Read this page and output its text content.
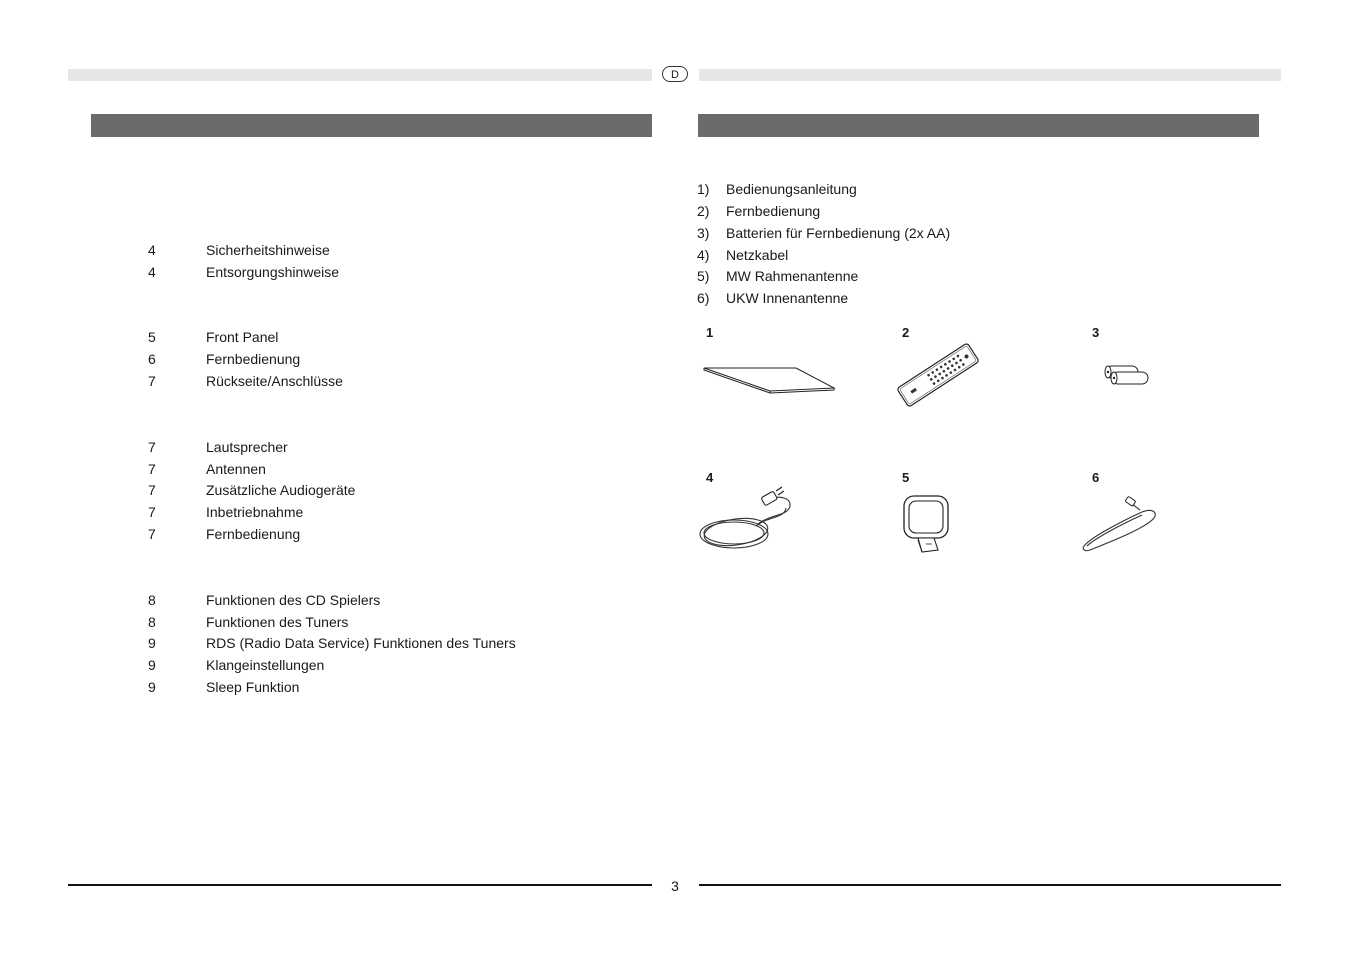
D
4	Sicherheitshinweise
4	Entsorgungshinweise
5	Front Panel
6	Fernbedienung
7	Rückseite/Anschlüsse
7	Lautsprecher
7	Antennen
7	Zusätzliche Audiogeräte
7	Inbetriebnahme
7	Fernbedienung
8	Funktionen des CD Spielers
8	Funktionen des Tuners
9	RDS (Radio Data Service) Funktionen des Tuners
9	Klangeinstellungen
9	Sleep Funktion
1)	Bedienungsanleitung
2)	Fernbedienung
3)	Batterien für Fernbedienung (2x AA)
4)	Netzkabel
5)	MW Rahmenantenne
6)	UKW Innenantenne
1	2	3
4	5	6
3
